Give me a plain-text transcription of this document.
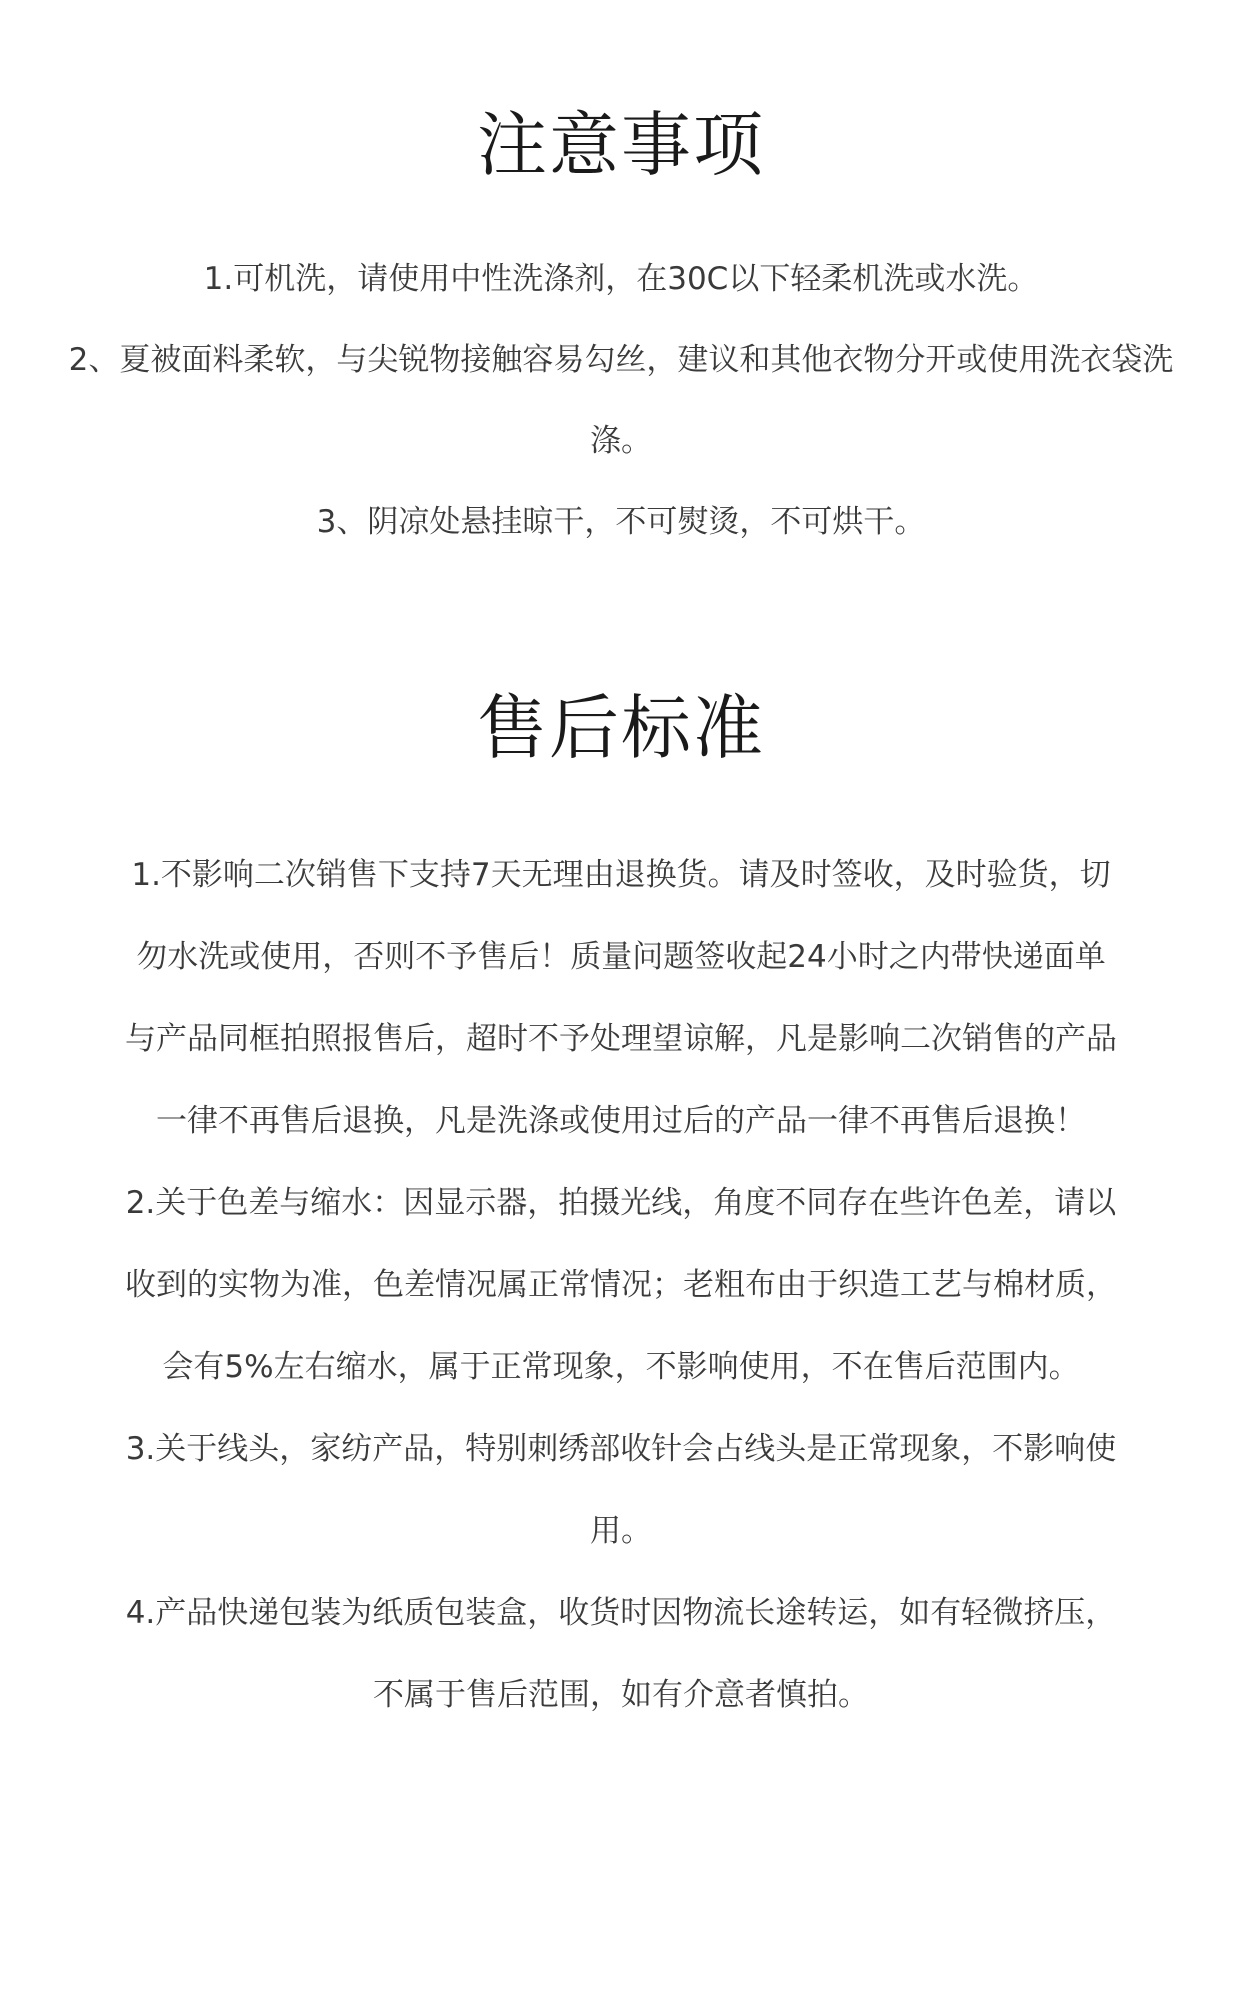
注意事项
1.可机洗，请使用中性洗涤剂，在30C以下轻柔机洗或水洗。
2、夏被面料柔软，与尖锐物接触容易勾丝，建议和其他衣物分开或使用洗衣袋洗涤。
3、阴凉处悬挂晾干，不可熨烫，不可烘干。
售后标准
1.不影响二次销售下支持7天无理由退换货。请及时签收，及时验货，切勿水洗或使用，否则不予售后！质量问题签收起24小时之内带快递面单与产品同框拍照报售后，超时不予处理望谅解，凡是影响二次销售的产品一律不再售后退换，凡是洗涤或使用过后的产品一律不再售后退换！
2.关于色差与缩水：因显示器，拍摄光线，角度不同存在些许色差，请以收到的实物为准，色差情况属正常情况；老粗布由于织造工艺与棉材质，会有5%左右缩水，属于正常现象，不影响使用，不在售后范围内。
3.关于线头，家纺产品，特别刺绣部收针会占线头是正常现象，不影响使用。
4.产品快递包装为纸质包装盒，收货时因物流长途转运，如有轻微挤压，不属于售后范围，如有介意者慎拍。
